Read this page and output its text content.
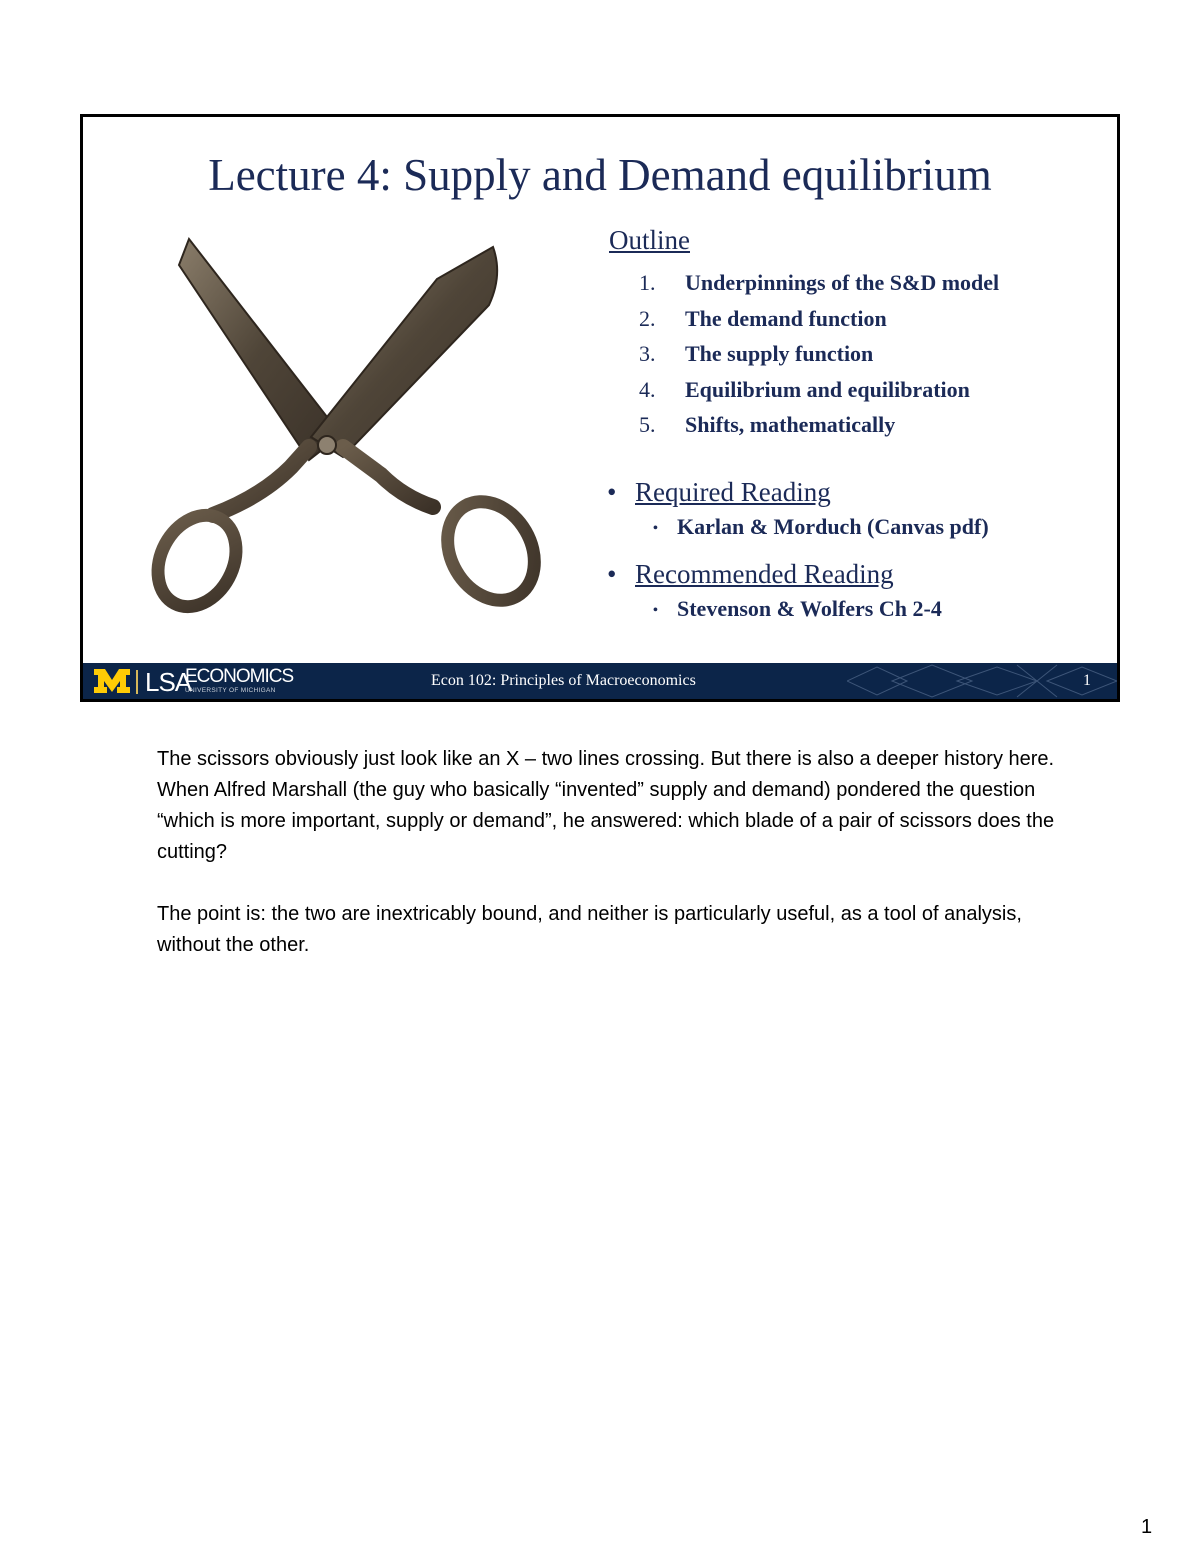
Lecture 4: Supply and Demand equilibrium
Outline
1. Underpinnings of the S&D model
2. The demand function
3. The supply function
4. Equilibrium and equilibration
5. Shifts, mathematically
• Required Reading
• Karlan & Morduch (Canvas pdf)
• Recommended Reading
• Stevenson & Wolfers Ch 2-4
LSA
ECONOMICS
UNIVERSITY OF MICHIGAN
Econ 102: Principles of Macroeconomics	1

The scissors obviously just look like an X – two lines crossing. But there is also a deeper history here. When Alfred Marshall (the guy who basically “invented” supply and demand) pondered the question “which is more important, supply or demand”, he answered: which blade of a pair of scissors does the cutting?

The point is: the two are inextricably bound, and neither is particularly useful, as a tool of analysis, without the other.

1
